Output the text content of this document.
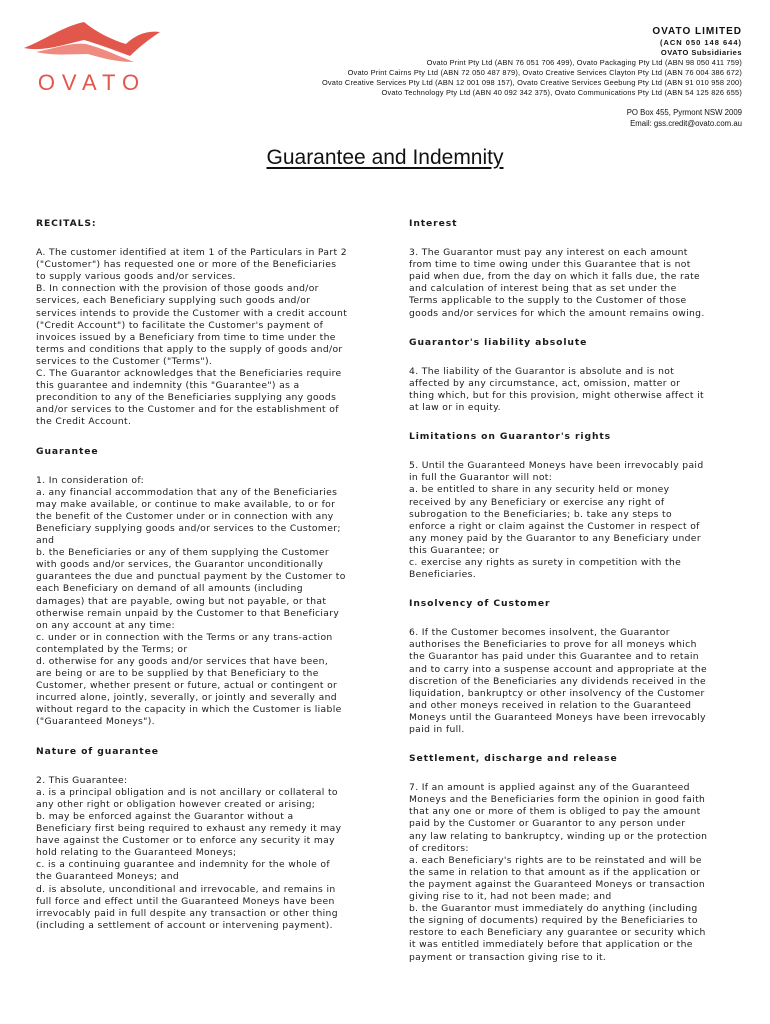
OVATO
OVATO LIMITED
(ACN 050 148 644)
OVATO Subsidiaries
Ovato Print Pty Ltd (ABN 76 051 706 499), Ovato Packaging Pty Ltd (ABN 98 050 411 759)
Ovato Print Cairns Pty Ltd (ABN 72 050 487 879), Ovato Creative Services Clayton Pty Ltd (ABN 76 004 386 672)
Ovato Creative Services Pty Ltd (ABN 12 001 098 157), Ovato Creative Services Geebung Pty Ltd (ABN 91 010 958 200)
Ovato Technology Pty Ltd (ABN 40 092 342 375), Ovato Communications Pty Ltd (ABN 54 125 826 655)
PO Box 455, Pyrmont NSW 2009
Email: gss.credit@ovato.com.au
Guarantee and Indemnity
RECITALS:
A. The customer identified at item 1 of the Particulars in Part 2
("Customer") has requested one or more of the Beneficiaries
to supply various goods and/or services.
B. In connection with the provision of those goods and/or
services, each Beneficiary supplying such goods and/or
services intends to provide the Customer with a credit account
("Credit Account") to facilitate the Customer's payment of
invoices issued by a Beneficiary from time to time under the
terms and conditions that apply to the supply of goods and/or
services to the Customer ("Terms").
C. The Guarantor acknowledges that the Beneficiaries require
this guarantee and indemnity (this "Guarantee") as a
precondition to any of the Beneficiaries supplying any goods
and/or services to the Customer and for the establishment of
the Credit Account.
Guarantee
1. In consideration of:
a. any financial accommodation that any of the Beneficiaries
may make available, or continue to make available, to or for
the benefit of the Customer under or in connection with any
Beneficiary supplying goods and/or services to the Customer;
and
b. the Beneficiaries or any of them supplying the Customer
with goods and/or services, the Guarantor unconditionally
guarantees the due and punctual payment by the Customer to
each Beneficiary on demand of all amounts (including
damages) that are payable, owing but not payable, or that
otherwise remain unpaid by the Customer to that Beneficiary
on any account at any time:
c. under or in connection with the Terms or any trans-action
contemplated by the Terms; or
d. otherwise for any goods and/or services that have been,
are being or are to be supplied by that Beneficiary to the
Customer, whether present or future, actual or contingent or
incurred alone, jointly, severally, or jointly and severally and
without regard to the capacity in which the Customer is liable
("Guaranteed Moneys").
Nature of guarantee
2. This Guarantee:
a. is a principal obligation and is not ancillary or collateral to
any other right or obligation however created or arising;
b. may be enforced against the Guarantor without a
Beneficiary first being required to exhaust any remedy it may
have against the Customer or to enforce any security it may
hold relating to the Guaranteed Moneys;
c. is a continuing guarantee and indemnity for the whole of
the Guaranteed Moneys; and
d. is absolute, unconditional and irrevocable, and remains in
full force and effect until the Guaranteed Moneys have been
irrevocably paid in full despite any transaction or other thing
(including a settlement of account or intervening payment).
Interest
3. The Guarantor must pay any interest on each amount
from time to time owing under this Guarantee that is not
paid when due, from the day on which it falls due, the rate
and calculation of interest being that as set under the
Terms applicable to the supply to the Customer of those
goods and/or services for which the amount remains owing.
Guarantor's liability absolute
4. The liability of the Guarantor is absolute and is not
affected by any circumstance, act, omission, matter or
thing which, but for this provision, might otherwise affect it
at law or in equity.
Limitations on Guarantor's rights
5. Until the Guaranteed Moneys have been irrevocably paid
in full the Guarantor will not:
a. be entitled to share in any security held or money
received by any Beneficiary or exercise any right of
subrogation to the Beneficiaries; b. take any steps to
enforce a right or claim against the Customer in respect of
any money paid by the Guarantor to any Beneficiary under
this Guarantee; or
c. exercise any rights as surety in competition with the
Beneficiaries.
Insolvency of Customer
6. If the Customer becomes insolvent, the Guarantor
authorises the Beneficiaries to prove for all moneys which
the Guarantor has paid under this Guarantee and to retain
and to carry into a suspense account and appropriate at the
discretion of the Beneficiaries any dividends received in the
liquidation, bankruptcy or other insolvency of the Customer
and other moneys received in relation to the Guaranteed
Moneys until the Guaranteed Moneys have been irrevocably
paid in full.
Settlement, discharge and release
7. If an amount is applied against any of the Guaranteed
Moneys and the Beneficiaries form the opinion in good faith
that any one or more of them is obliged to pay the amount
paid by the Customer or Guarantor to any person under
any law relating to bankruptcy, winding up or the protection
of creditors:
a. each Beneficiary's rights are to be reinstated and will be
the same in relation to that amount as if the application or
the payment against the Guaranteed Moneys or transaction
giving rise to it, had not been made; and
b. the Guarantor must immediately do anything (including
the signing of documents) required by the Beneficiaries to
restore to each Beneficiary any guarantee or security which
it was entitled immediately before that application or the
payment or transaction giving rise to it.
